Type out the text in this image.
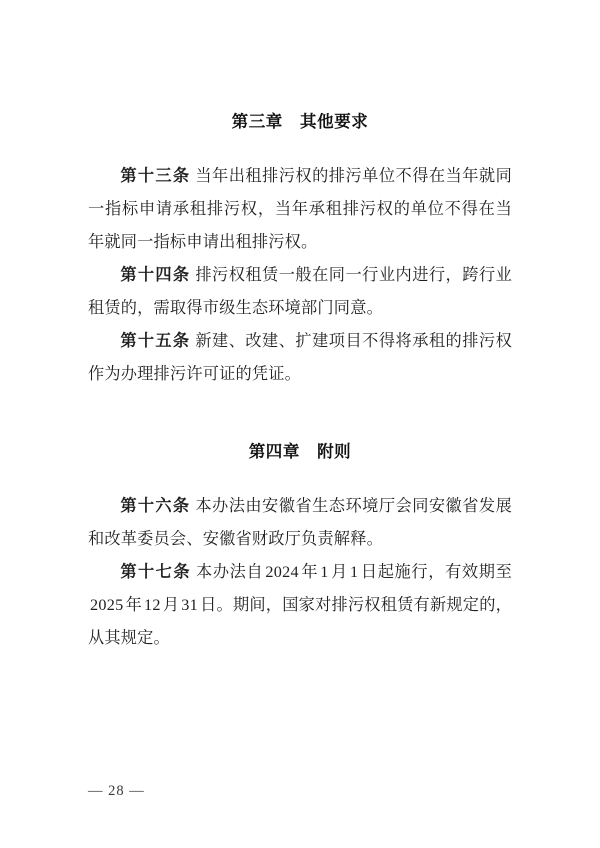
第三章　其他要求

第十三条 当年出租排污权的排污单位不得在当年就同一指标申请承租排污权，当年承租排污权的单位不得在当年就同一指标申请出租排污权。

第十四条 排污权租赁一般在同一行业内进行，跨行业租赁的，需取得市级生态环境部门同意。

第十五条 新建、改建、扩建项目不得将承租的排污权作为办理排污许可证的凭证。

第四章　附则

第十六条 本办法由安徽省生态环境厅会同安徽省发展和改革委员会、安徽省财政厅负责解释。

第十七条 本办法自 2024 年 1 月 1 日起施行，有效期至2025 年 12 月 31 日。期间，国家对排污权租赁有新规定的，从其规定。

— 28 —
